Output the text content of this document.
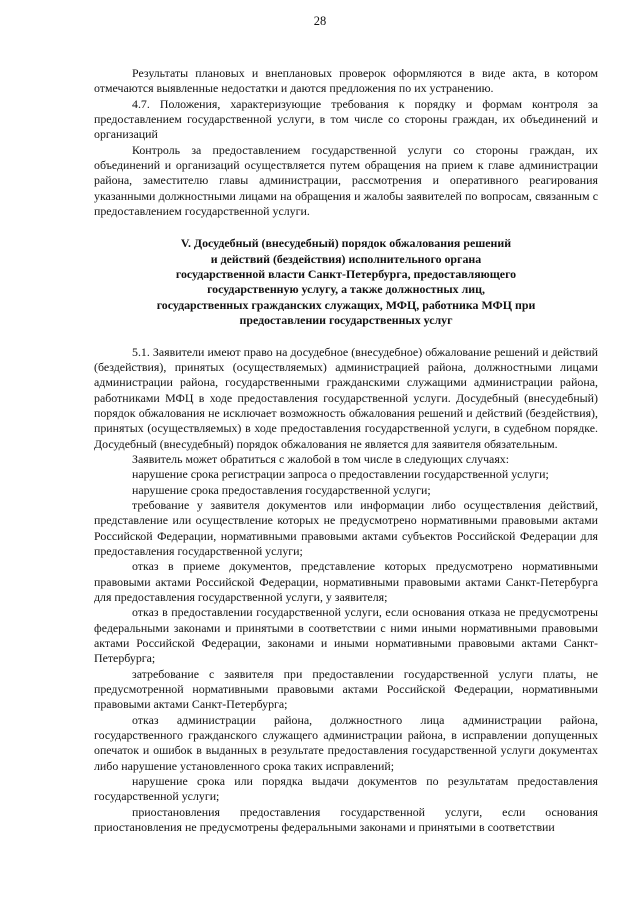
28

Результаты плановых и внеплановых проверок оформляются в виде акта, в котором отмечаются выявленные недостатки и даются предложения по их устранению.

4.7. Положения, характеризующие требования к порядку и формам контроля за предоставлением государственной услуги, в том числе со стороны граждан, их объединений и организаций

Контроль за предоставлением государственной услуги со стороны граждан, их объединений и организаций осуществляется путем обращения на прием к главе администрации района, заместителю главы администрации, рассмотрения и оперативного реагирования указанными должностными лицами на обращения и жалобы заявителей по вопросам, связанным с предоставлением государственной услуги.

V. Досудебный (внесудебный) порядок обжалования решений
и действий (бездействия) исполнительного органа
государственной власти Санкт-Петербурга, предоставляющего
государственную услугу, а также должностных лиц,
государственных гражданских служащих, МФЦ, работника МФЦ при
предоставлении государственных услуг

5.1. Заявители имеют право на досудебное (внесудебное) обжалование решений и действий (бездействия), принятых (осуществляемых) администрацией района, должностными лицами администрации района, государственными гражданскими служащими администрации района, работниками МФЦ в ходе предоставления государственной услуги. Досудебный (внесудебный) порядок обжалования не исключает возможность обжалования решений и действий (бездействия), принятых (осуществляемых) в ходе предоставления государственной услуги, в судебном порядке. Досудебный (внесудебный) порядок обжалования не является для заявителя обязательным.

Заявитель может обратиться с жалобой в том числе в следующих случаях:

нарушение срока регистрации запроса о предоставлении государственной услуги;

нарушение срока предоставления государственной услуги;

требование у заявителя документов или информации либо осуществления действий, представление или осуществление которых не предусмотрено нормативными правовыми актами Российской Федерации, нормативными правовыми актами субъектов Российской Федерации для предоставления государственной услуги;

отказ в приеме документов, представление которых предусмотрено нормативными правовыми актами Российской Федерации, нормативными правовыми актами Санкт-Петербурга для предоставления государственной услуги, у заявителя;

отказ в предоставлении государственной услуги, если основания отказа не предусмотрены федеральными законами и принятыми в соответствии с ними иными нормативными правовыми актами Российской Федерации, законами и иными нормативными правовыми актами Санкт-Петербурга;

затребование с заявителя при предоставлении государственной услуги платы, не предусмотренной нормативными правовыми актами Российской Федерации, нормативными правовыми актами Санкт-Петербурга;

отказ администрации района, должностного лица администрации района, государственного гражданского служащего администрации района, в исправлении допущенных опечаток и ошибок в выданных в результате предоставления государственной услуги документах либо нарушение установленного срока таких исправлений;

нарушение срока или порядка выдачи документов по результатам предоставления государственной услуги;

приостановления предоставления государственной услуги, если основания приостановления не предусмотрены федеральными законами и принятыми в соответствии
